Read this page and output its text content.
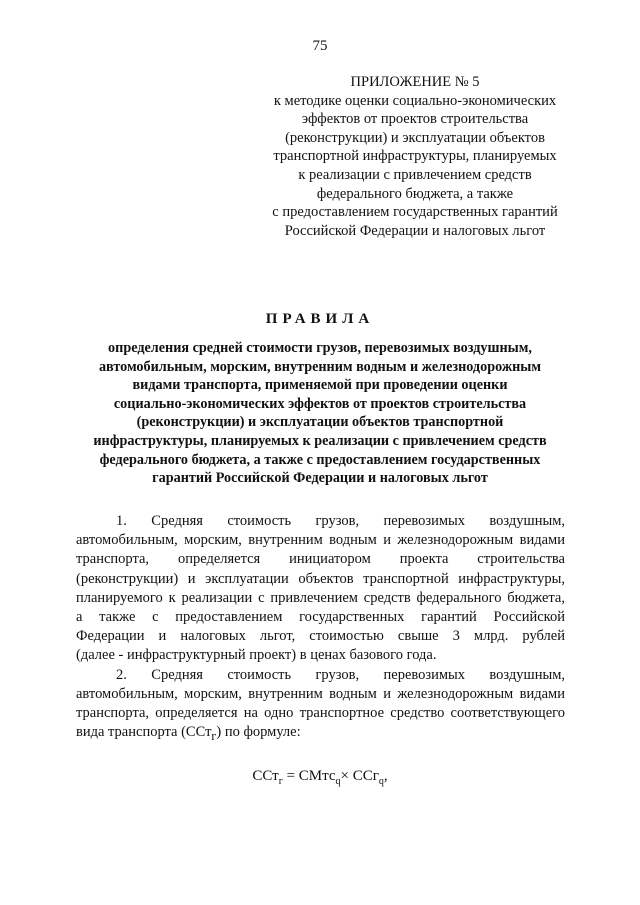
75
ПРИЛОЖЕНИЕ № 5
к методике оценки социально-экономических
эффектов от проектов строительства
(реконструкции) и эксплуатации объектов
транспортной инфраструктуры, планируемых
к реализации с привлечением средств
федерального бюджета, а также
с предоставлением государственных гарантий
Российской Федерации и налоговых льгот
ПРАВИЛА
определения средней стоимости грузов, перевозимых воздушным,
автомобильным, морским, внутренним водным и железнодорожным
видами транспорта, применяемой при проведении оценки
социально-экономических эффектов от проектов строительства
(реконструкции) и эксплуатации объектов транспортной
инфраструктуры, планируемых к реализации с привлечением средств
федерального бюджета, а также с предоставлением государственных
гарантий Российской Федерации и налоговых льгот
1. Средняя стоимость грузов, перевозимых воздушным,
автомобильным, морским, внутренним водным и железнодорожным видами
транспорта, определяется инициатором проекта строительства
(реконструкции) и эксплуатации объектов транспортной инфраструктуры,
планируемого к реализации с привлечением средств федерального бюджета,
а также с предоставлением государственных гарантий Российской
Федерации и налоговых льгот, стоимостью свыше 3 млрд. рублей
(далее - инфраструктурный проект) в ценах базового года.
2. Средняя стоимость грузов, перевозимых воздушным,
автомобильным, морским, внутренним водным и железнодорожным видами
транспорта, определяется на одно транспортное средство соответствующего
вида транспорта (ССт$_г$) по формуле:
ССт$_г$ = СМтс$_q$× ССг$_q$,
